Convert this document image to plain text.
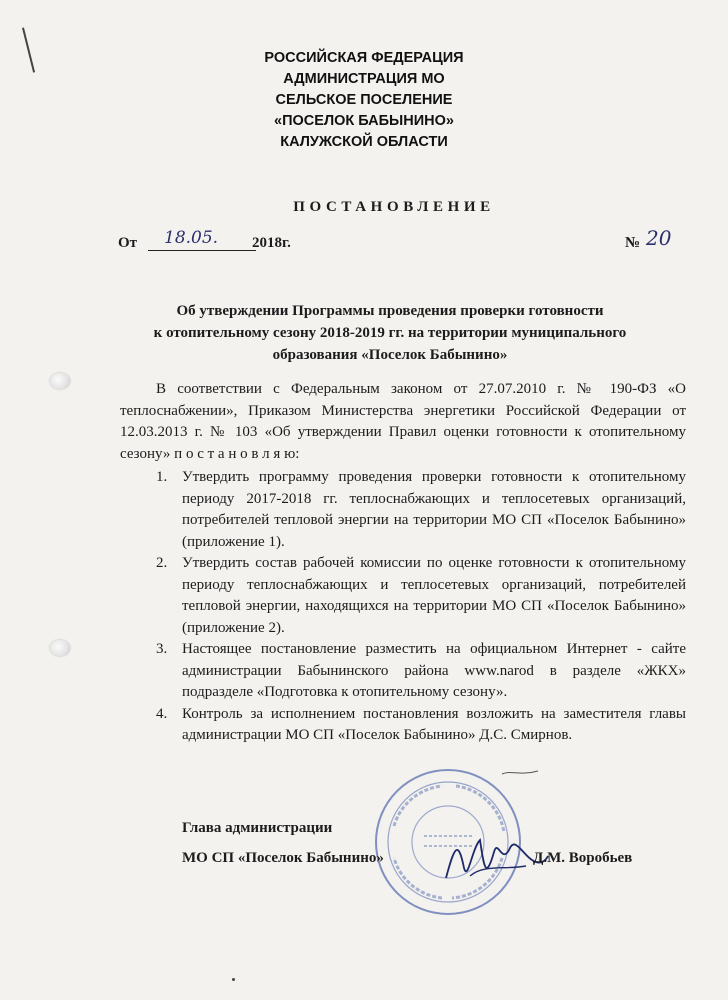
РОССИЙСКАЯ ФЕДЕРАЦИЯ
АДМИНИСТРАЦИЯ МО
СЕЛЬСКОЕ ПОСЕЛЕНИЕ
«ПОСЕЛОК БАБЫНИНО»
КАЛУЖСКОЙ ОБЛАСТИ
ПОСТАНОВЛЕНИЕ
От 18.05. 2018г.	№ 20
Об утверждении Программы проведения проверки готовности
к отопительному сезону 2018-2019 гг. на территории муниципального
образования «Поселок Бабынино»
В соответствии с Федеральным законом от 27.07.2010 г. № 190-ФЗ «О теплоснабжении», Приказом Министерства энергетики Российской Федерации от 12.03.2013 г. № 103 «Об утверждении Правил оценки готовности к отопительному сезону» п о с т а н о в л я ю:
1. Утвердить программу проведения проверки готовности к отопительному периоду 2017-2018 гг. теплоснабжающих и теплосетевых организаций, потребителей тепловой энергии на территории МО СП «Поселок Бабынино» (приложение 1).
2. Утвердить состав рабочей комиссии по оценке готовности к отопительному периоду теплоснабжающих и теплосетевых организаций, потребителей тепловой энергии, находящихся на территории МО СП «Поселок Бабынино» (приложение 2).
3. Настоящее постановление разместить на официальном Интернет - сайте администрации Бабынинского района www.narod в разделе «ЖКХ» подразделе «Подготовка к отопительному сезону».
4. Контроль за исполнением постановления возложить на заместителя главы администрации МО СП «Поселок Бабынино» Д.С. Смирнов.
Глава администрации
МО СП «Поселок Бабынино»	Д.М. Воробьев
